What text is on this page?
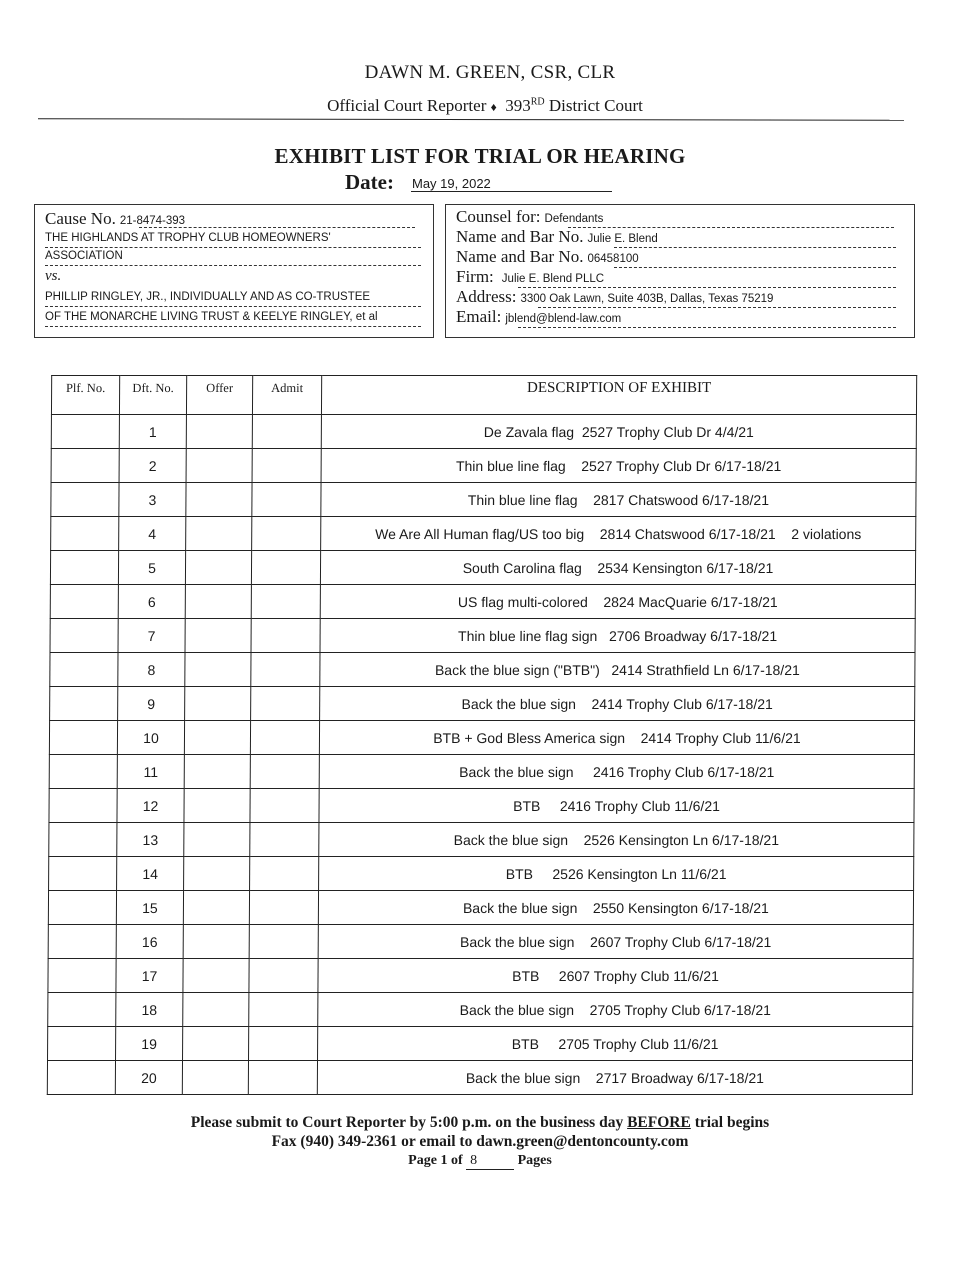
DAWN M. GREEN, CSR, CLR
Official Court Reporter ♦ 393RD District Court
EXHIBIT LIST FOR TRIAL OR HEARING
Date: May 19, 2022
Cause No. 21-8474-393
THE HIGHLANDS AT TROPHY CLUB HOMEOWNERS'
ASSOCIATION
vs.
PHILLIP RINGLEY, JR., INDIVIDUALLY AND AS CO-TRUSTEE
OF THE MONARCHE LIVING TRUST & KEELYE RINGLEY, et al
Counsel for: Defendants
Name and Bar No. Julie E. Blend
Name and Bar No. 06458100
Firm: Julie E. Blend PLLC
Address: 3300 Oak Lawn, Suite 403B, Dallas, Texas 75219
Email: jblend@blend-law.com
Plf. No.	Dft. No.	Offer	Admit	DESCRIPTION OF EXHIBIT
	1			De Zavala flag  2527 Trophy Club Dr 4/4/21
	2			Thin blue line flag    2527 Trophy Club Dr 6/17-18/21
	3			Thin blue line flag    2817 Chatswood 6/17-18/21
	4			We Are All Human flag/US too big    2814 Chatswood 6/17-18/21    2 violations
	5			South Carolina flag    2534 Kensington 6/17-18/21
	6			US flag multi-colored    2824 MacQuarie 6/17-18/21
	7			Thin blue line flag sign   2706 Broadway 6/17-18/21
	8			Back the blue sign ("BTB")   2414 Strathfield Ln 6/17-18/21
	9			Back the blue sign    2414 Trophy Club 6/17-18/21
	10			BTB + God Bless America sign    2414 Trophy Club 11/6/21
	11			Back the blue sign     2416 Trophy Club 6/17-18/21
	12			BTB     2416 Trophy Club 11/6/21
	13			Back the blue sign    2526 Kensington Ln 6/17-18/21
	14			BTB     2526 Kensington Ln 11/6/21
	15			Back the blue sign    2550 Kensington 6/17-18/21
	16			Back the blue sign    2607 Trophy Club 6/17-18/21
	17			BTB     2607 Trophy Club 11/6/21
	18			Back the blue sign    2705 Trophy Club 6/17-18/21
	19			BTB     2705 Trophy Club 11/6/21
	20			Back the blue sign    2717 Broadway 6/17-18/21
Please submit to Court Reporter by 5:00 p.m. on the business day BEFORE trial begins
Fax (940) 349-2361 or email to dawn.green@dentoncounty.com
Page 1 of 8	Pages
